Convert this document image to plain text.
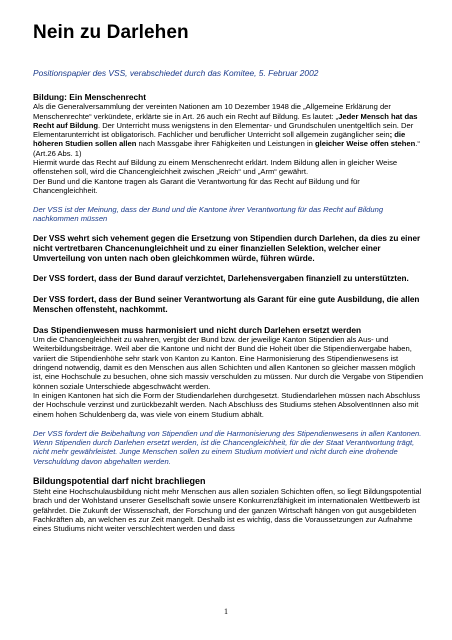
Nein zu Darlehen

Positionspapier des VSS, verabschiedet durch das Komitee, 5. Februar 2002

Bildung: Ein Menschenrecht

Als die Generalversammlung der vereinten Nationen am 10 Dezember 1948 die „Allgemeine Erklärung der Menschenrechte“ verkündete, erklärte sie in Art. 26 auch ein Recht auf Bildung. Es lautet: „Jeder Mensch hat das Recht auf Bildung. Der Unterricht muss wenigstens in den Elementar- und Grundschulen unentgeltlich sein. Der Elementarunterricht ist obligatorisch. Fachlicher und beruflicher Unterricht soll allgemein zugänglicher sein; die höheren Studien sollen allen nach Massgabe ihrer Fähigkeiten und Leistungen in gleicher Weise offen stehen.“ (Art.26 Abs. 1)

Hiermit wurde das Recht auf Bildung zu einem Menschenrecht erklärt. Indem Bildung allen in gleicher Weise offenstehen soll, wird die Chancengleichheit zwischen „Reich“ und „Arm“ gewährt.

Der Bund und die Kantone tragen als Garant die Verantwortung für das Recht auf Bildung und für Chancengleichheit.

Der VSS ist der Meinung, dass der Bund und die Kantone ihrer Verantwortung für das Recht auf Bildung nachkommen müssen

Der VSS wehrt sich vehement gegen die Ersetzung von Stipendien durch Darlehen, da dies zu einer nicht vertretbaren Chancenungleichheit und zu einer finanziellen Selektion, welcher einer Umverteilung von unten nach oben gleichkommen würde, führen würde.

Der VSS fordert, dass der Bund darauf verzichtet, Darlehensvergaben finanziell zu unterstützten.

Der VSS fordert, dass der Bund seiner Verantwortung als Garant für eine gute Ausbildung, die allen Menschen offensteht, nachkommt.

Das Stipendienwesen muss harmonisiert und nicht durch Darlehen ersetzt werden

Um die Chancengleichheit zu wahren, vergibt der Bund bzw. der jeweilige Kanton Stipendien als Aus- und Weiterbildungsbeiträge. Weil aber die Kantone und nicht der Bund die Hoheit über die Stipendienvergabe haben, variiert die Stipendienhöhe sehr stark von Kanton zu Kanton. Eine Harmonisierung des Stipendienwesens ist dringend notwendig, damit es den Menschen aus allen Schichten und allen Kantonen so gleicher massen möglich ist, eine Hochschule zu besuchen, ohne sich massiv verschulden zu müssen. Nur durch die Vergabe von Stipendien können soziale Unterschiede abgeschwächt werden.

In einigen Kantonen hat sich die Form der Studiendarlehen durchgesetzt. Studiendarlehen müssen nach Abschluss der Hochschule verzinst und zurückbezahlt werden. Nach Abschluss des Studiums stehen AbsolventInnen also mit einem hohen Schuldenberg da, was viele von einem Studium abhält.

Der VSS fordert die Beibehaltung von Stipendien und die Harmonisierung des Stipendienwesens in allen Kantonen. Wenn Stipendien durch Darlehen ersetzt werden, ist die Chancengleichheit, für die der Staat Verantwortung trägt, nicht mehr gewährleistet. Junge Menschen sollen zu einem Studium motiviert und nicht durch eine drohende Verschuldung davon abgehalten werden.

Bildungspotential darf nicht brachliegen

Steht eine Hochschulausbildung nicht mehr Menschen aus allen sozialen Schichten offen, so liegt Bildungspotential brach und der Wohlstand unserer Gesellschaft sowie unsere Konkurrenzfähigkeit im internationalen Wettbewerb ist gefährdet. Die Zukunft der Wissenschaft, der Forschung und der ganzen Wirtschaft hängen von gut ausgebildeten Fachkräften ab, an welchen es zur Zeit mangelt. Deshalb ist es wichtig, dass die Voraussetzungen zur Aufnahme eines Studiums nicht weiter verschlechtert werden und dass

1
